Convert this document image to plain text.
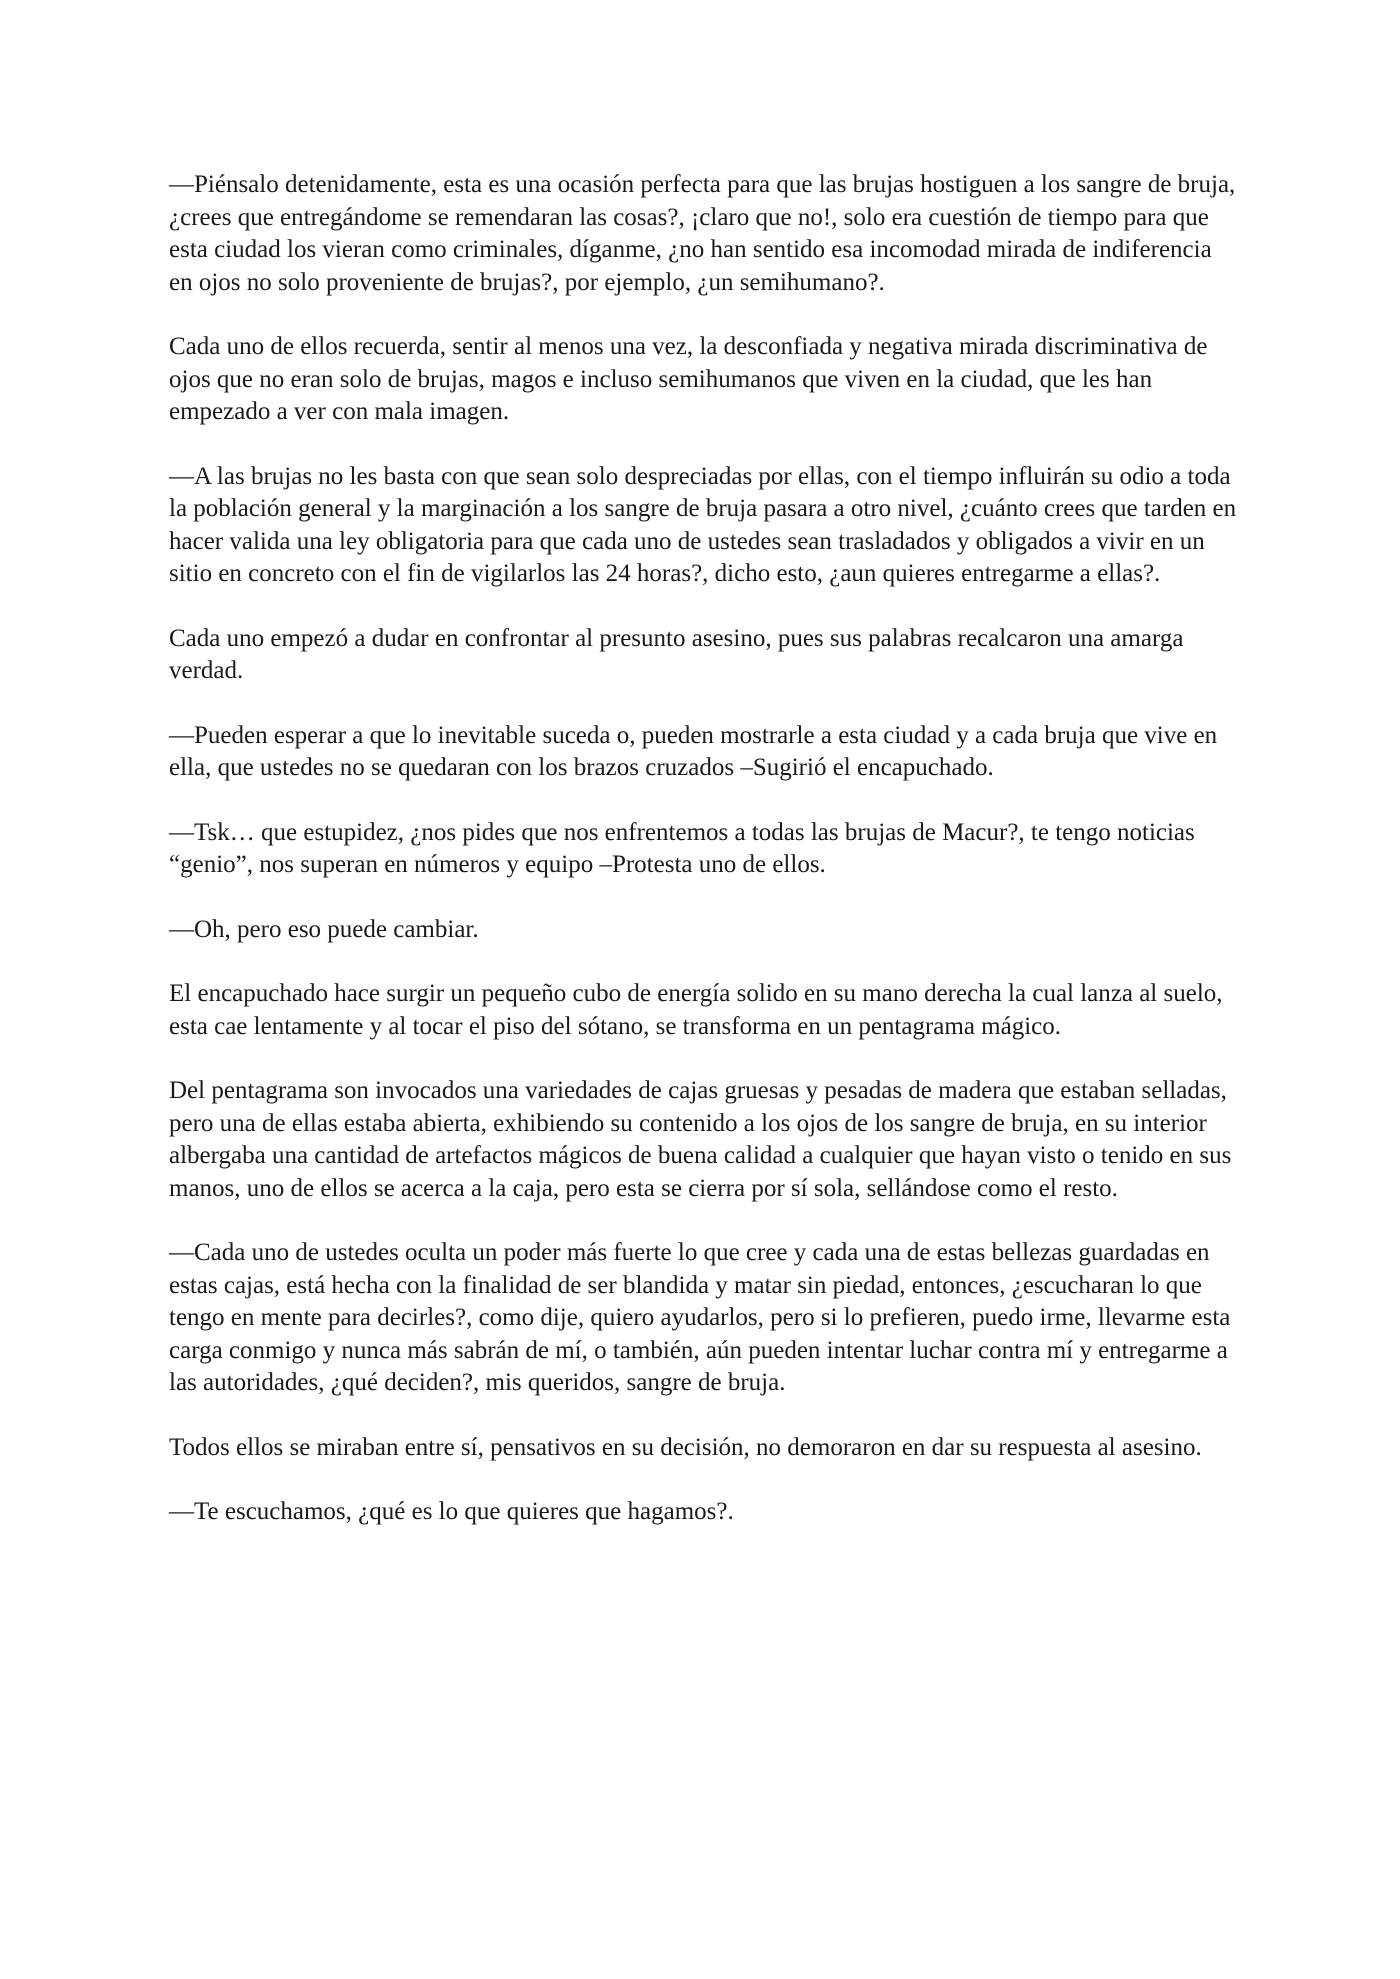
—Piénsalo detenidamente, esta es una ocasión perfecta para que las brujas hostiguen a los sangre de bruja, ¿crees que entregándome se remendaran las cosas?, ¡claro que no!, solo era cuestión de tiempo para que esta ciudad los vieran como criminales, díganme, ¿no han sentido esa incomodad mirada de indiferencia en ojos no solo proveniente de brujas?, por ejemplo, ¿un semihumano?.

Cada uno de ellos recuerda, sentir al menos una vez, la desconfiada y negativa mirada discriminativa de ojos que no eran solo de brujas, magos e incluso semihumanos que viven en la ciudad, que les han empezado a ver con mala imagen.

—A las brujas no les basta con que sean solo despreciadas por ellas, con el tiempo influirán su odio a toda la población general y la marginación a los sangre de bruja pasara a otro nivel, ¿cuánto crees que tarden en hacer valida una ley obligatoria para que cada uno de ustedes sean trasladados y obligados a vivir en un sitio en concreto con el fin de vigilarlos las 24 horas?, dicho esto, ¿aun quieres entregarme a ellas?.

Cada uno empezó a dudar en confrontar al presunto asesino, pues sus palabras recalcaron una amarga verdad.

—Pueden esperar a que lo inevitable suceda o, pueden mostrarle a esta ciudad y a cada bruja que vive en ella, que ustedes no se quedaran con los brazos cruzados –Sugirió el encapuchado.

—Tsk… que estupidez, ¿nos pides que nos enfrentemos a todas las brujas de Macur?, te tengo noticias “genio”, nos superan en números y equipo –Protesta uno de ellos.

—Oh, pero eso puede cambiar.

El encapuchado hace surgir un pequeño cubo de energía solido en su mano derecha la cual lanza al suelo, esta cae lentamente y al tocar el piso del sótano, se transforma en un pentagrama mágico.

Del pentagrama son invocados una variedades de cajas gruesas y pesadas de madera que estaban selladas, pero una de ellas estaba abierta, exhibiendo su contenido a los ojos de los sangre de bruja, en su interior albergaba una cantidad de artefactos mágicos de buena calidad a cualquier que hayan visto o tenido en sus manos, uno de ellos se acerca a la caja, pero esta se cierra por sí sola, sellándose como el resto.

—Cada uno de ustedes oculta un poder más fuerte lo que cree y cada una de estas bellezas guardadas en estas cajas, está hecha con la finalidad de ser blandida y matar sin piedad, entonces, ¿escucharan lo que tengo en mente para decirles?, como dije, quiero ayudarlos, pero si lo prefieren, puedo irme, llevarme esta carga conmigo y nunca más sabrán de mí, o también, aún pueden intentar luchar contra mí y entregarme a las autoridades, ¿qué deciden?, mis queridos, sangre de bruja.

Todos ellos se miraban entre sí, pensativos en su decisión, no demoraron en dar su respuesta al asesino.

—Te escuchamos, ¿qué es lo que quieres que hagamos?.
